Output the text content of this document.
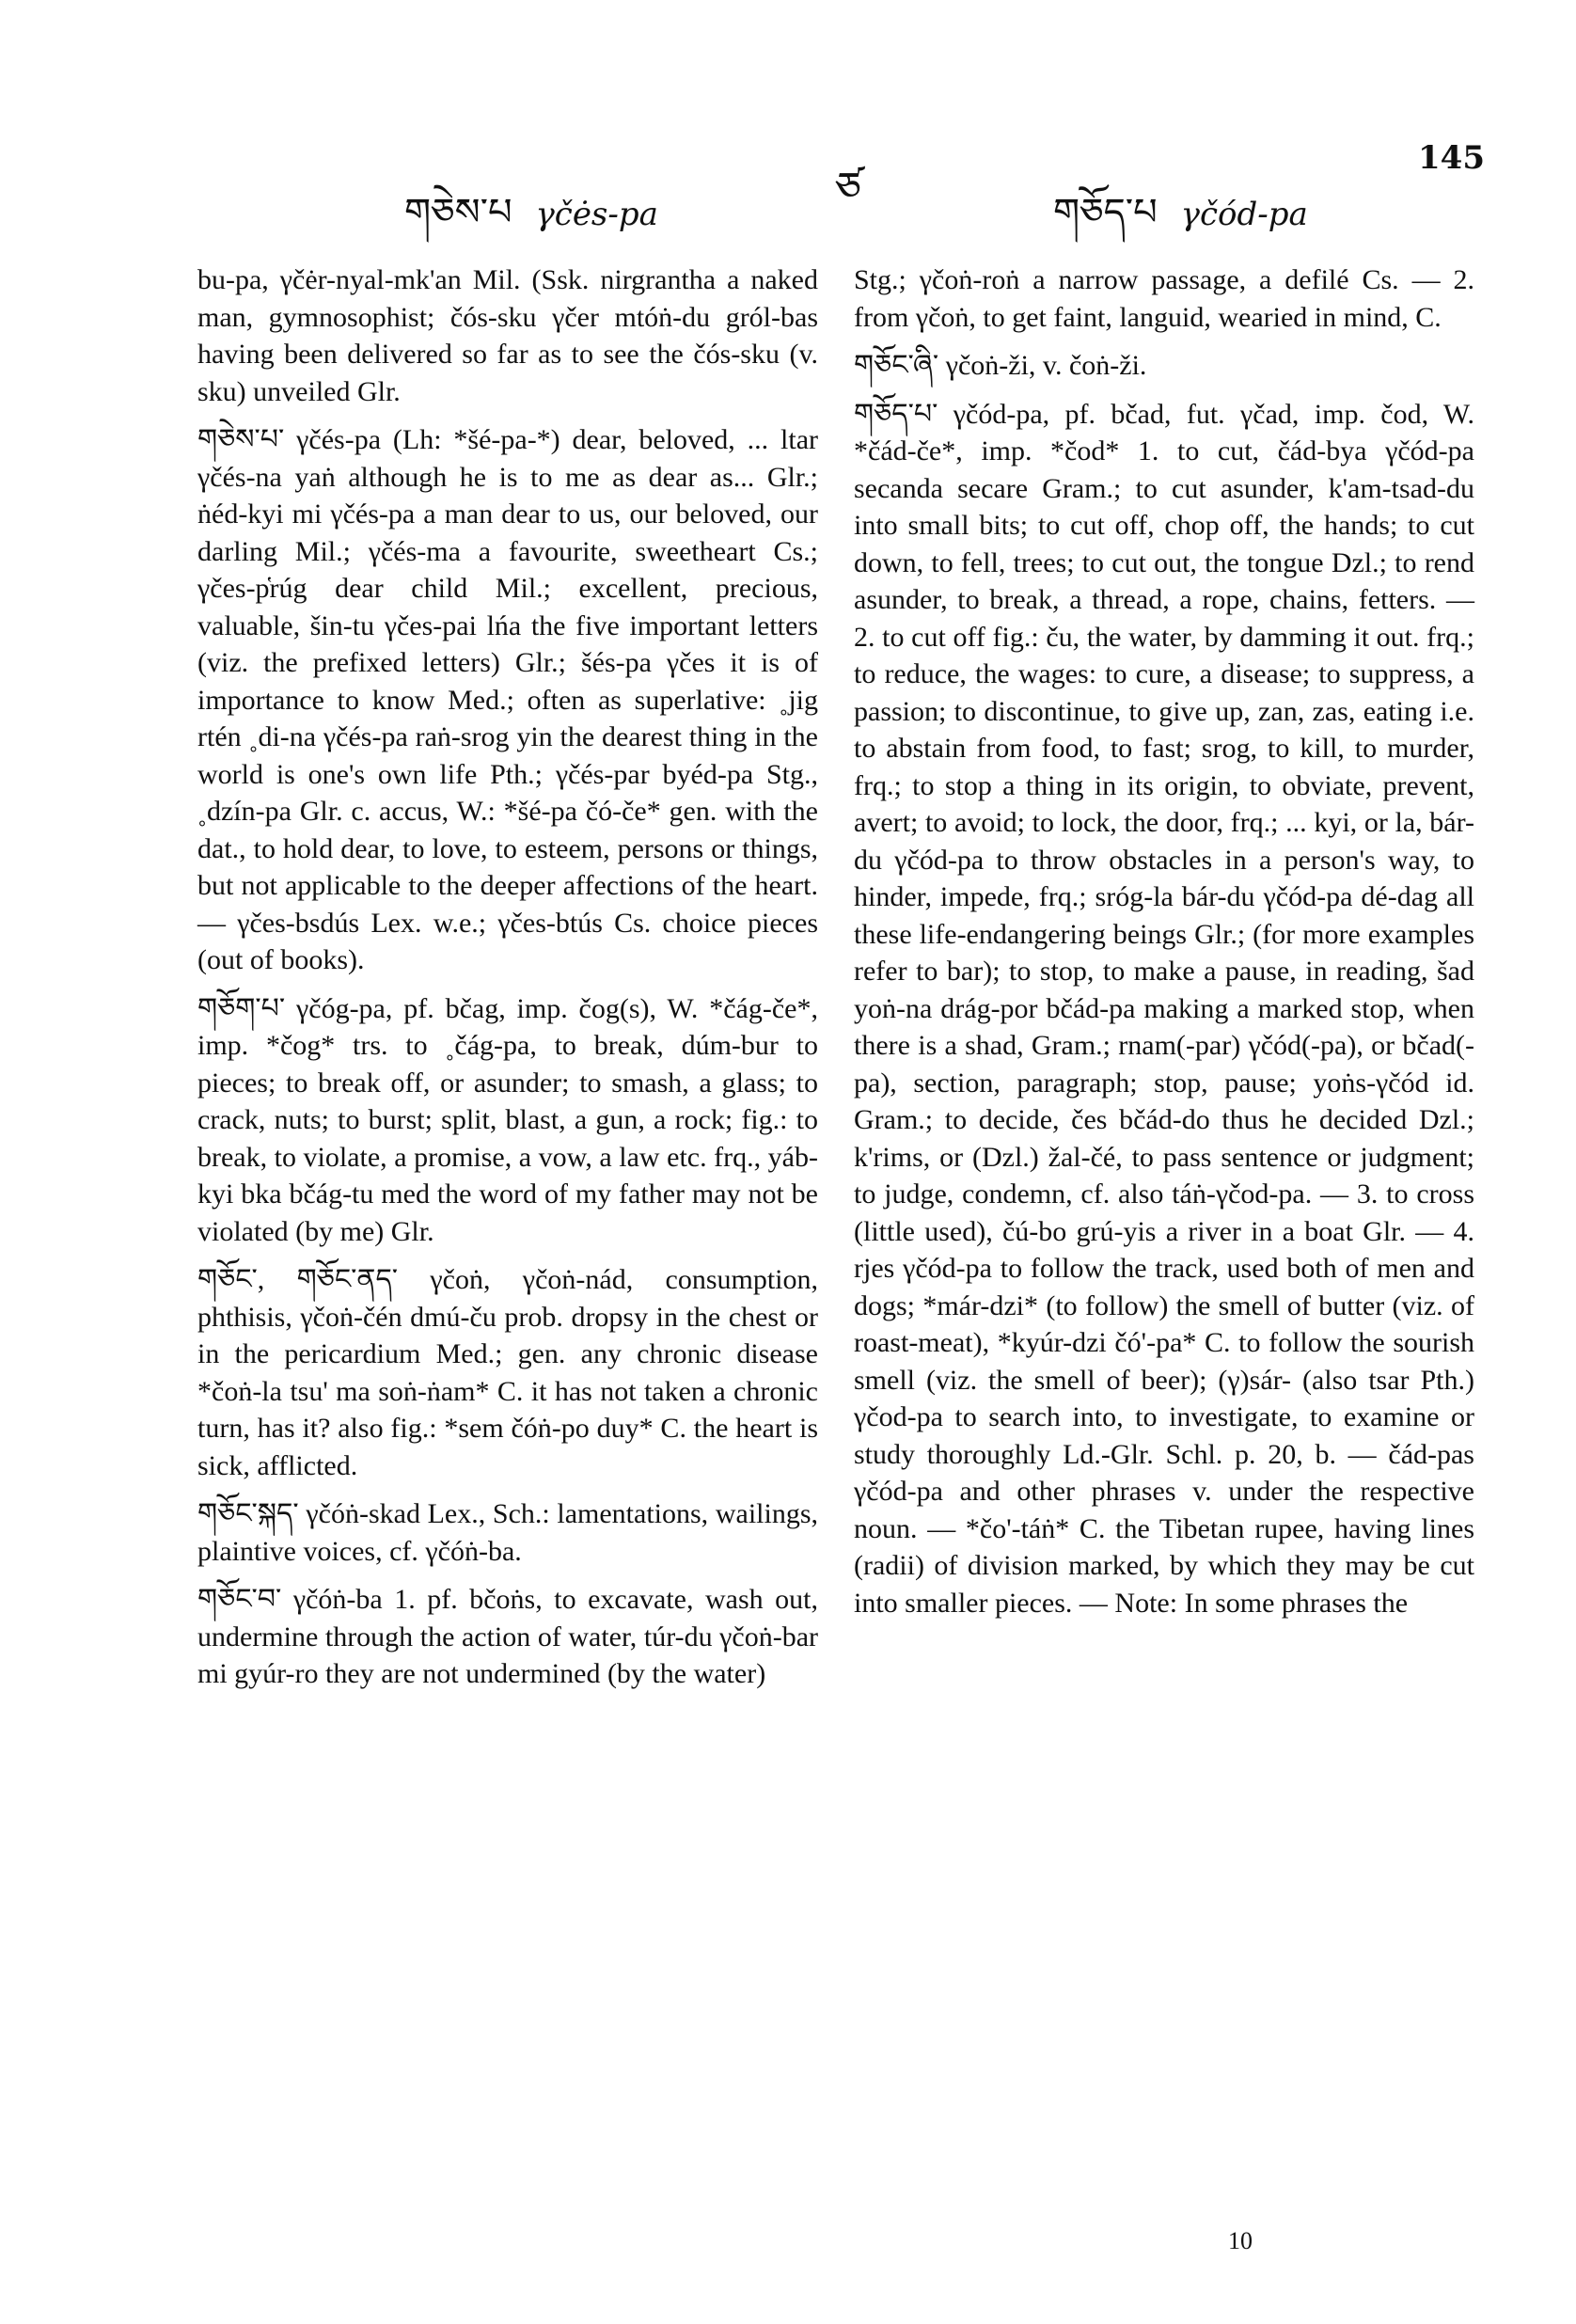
གཅེས་པ γčės-pa
ཙ
གཅོད་པ γčód-pa
145

bu-pa, γčėr-nyal-mk'an Mil. (Ssk. nirgrantha a naked man, gymnosophist; čós-sku γčer mtóṅ-du gról-bas having been delivered so far as to see the čós-sku (v. sku) unveiled Glr.

གཅེས་པ་ γčés-pa (Lh: *šé-pa-*) dear, beloved, ... ltar γčés-na yaṅ although he is to me as dear as... Glr.; ṅéd-kyi mi γčés-pa a man dear to us, our beloved, our darling Mil.; γčés-ma a favourite, sweetheart Cs.; γčes-p̔rúg dear child Mil.; excellent, precious, valuable, šin-tu γčes-pai lńa the five important letters (viz. the prefixed letters) Glr.; šés-pa γčes it is of importance to know Med.; often as superlative: ˳jig rtén ˳di-na γčés-pa raṅ-srog yin the dearest thing in the world is one's own life Pth.; γčés-par byéd-pa Stg., ˳dzín-pa Glr. c. accus, W.: *šé-pa čó-če* gen. with the dat., to hold dear, to love, to esteem, persons or things, but not applicable to the deeper affections of the heart. — γčes-bsdús Lex. w.e.; γčes-btús Cs. choice pieces (out of books).

གཅོག་པ་ γčóg-pa, pf. bčag, imp. čog(s), W. *čág-če*, imp. *čog* trs. to ˳čág-pa, to break, dúm-bur to pieces; to break off, or asunder; to smash, a glass; to crack, nuts; to burst; split, blast, a gun, a rock; fig.: to break, to violate, a promise, a vow, a law etc. frq., yáb-kyi bka bčág-tu med the word of my father may not be violated (by me) Glr.

གཅོང་, གཅོང་ནད་ γčoṅ, γčoṅ-nád, consumption, phthisis, γčoṅ-čén dmú-ču prob. dropsy in the chest or in the pericardium Med.; gen. any chronic disease *čoṅ-la tsu' ma soṅ-ṅam* C. it has not taken a chronic turn, has it? also fig.: *sem čóṅ-po duy* C. the heart is sick, afflicted.

གཅོང་སྐད་ γčóṅ-skad Lex., Sch.: lamentations, wailings, plaintive voices, cf. γčóṅ-ba.

གཅོང་བ་ γčóṅ-ba 1. pf. bčoṅs, to excavate, wash out, undermine through the action of water, túr-du γčoṅ-bar mi gyúr-ro they are not undermined (by the water)

Stg.; γčoṅ-roṅ a narrow passage, a defilé Cs. — 2. from γčoṅ, to get faint, languid, wearied in mind, C.

གཅོང་ཞི་ γčoṅ-ži, v. čoṅ-ži.

གཅོད་པ་ γčód-pa, pf. bčad, fut. γčad, imp. čod, W. *čád-če*, imp. *čod* 1. to cut, čád-bya γčód-pa secanda secare Gram.; to cut asunder, k'am-tsad-du into small bits; to cut off, chop off, the hands; to cut down, to fell, trees; to cut out, the tongue Dzl.; to rend asunder, to break, a thread, a rope, chains, fetters. — 2. to cut off fig.: ču, the water, by damming it out. frq.; to reduce, the wages: to cure, a disease; to suppress, a passion; to discontinue, to give up, zan, zas, eating i.e. to abstain from food, to fast; srog, to kill, to murder, frq.; to stop a thing in its origin, to obviate, prevent, avert; to avoid; to lock, the door, frq.; ... kyi, or la, bár-du γčód-pa to throw obstacles in a person's way, to hinder, impede, frq.; sróg-la bár-du γčód-pa dé-dag all these life-endangering beings Glr.; (for more examples refer to bar); to stop, to make a pause, in reading, šad yoṅ-na drág-por bčád-pa making a marked stop, when there is a shad, Gram.; rnam(-par) γčód(-pa), or bčad(-pa), section, paragraph; stop, pause; yoṅs-γčód id. Gram.; to decide, čes bčád-do thus he decided Dzl.; k'rims, or (Dzl.) žal-čé, to pass sentence or judgment; to judge, condemn, cf. also táṅ-γčod-pa. — 3. to cross (little used), čú-bo grú-yis a river in a boat Glr. — 4. rjes γčód-pa to follow the track, used both of men and dogs; *már-dzi* (to follow) the smell of butter (viz. of roast-meat), *kyúr-dzi čó'-pa* C. to follow the sourish smell (viz. the smell of beer); (γ)sár- (also tsar Pth.) γčod-pa to search into, to investigate, to examine or study thoroughly Ld.-Glr. Schl. p. 20, b. — čád-pas γčód-pa and other phrases v. under the respective noun. — *čo'-táṅ* C. the Tibetan rupee, having lines (radii) of division marked, by which they may be cut into smaller pieces. — Note: In some phrases the

10
